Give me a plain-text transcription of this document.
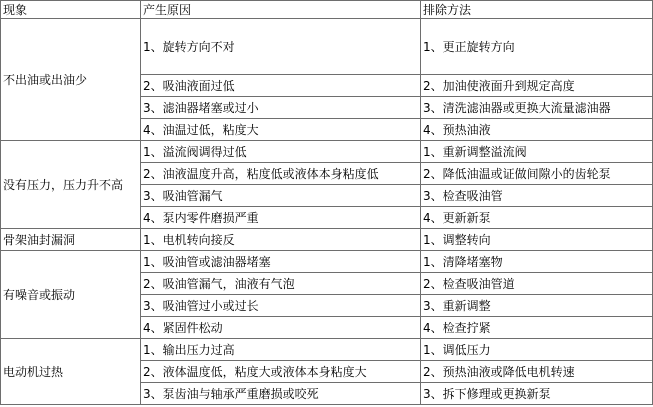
现象	产生原因	排除方法
不出油或出油少	1、旋转方向不对	1、更正旋转方向
	2、吸油液面过低	2、加油使液面升到规定高度
	3、滤油器堵塞或过小	3、清洗滤油器或更换大流量滤油器
	4、油温过低，粘度大	4、预热油液
没有压力，压力升不高	1、溢流阀调得过低	1、重新调整溢流阀
	2、油液温度升高，粘度低或液体本身粘度低	2、降低油温或证做间隙小的齿轮泵
	3、吸油管漏气	3、检查吸油管
	4、泵内零件磨损严重	4、更新新泵
骨架油封漏洞	1、电机转向接反	1、调整转向
有噪音或振动	1、吸油管或滤油器堵塞	1、清降堵塞物
	2、吸油管漏气，油液有气泡	2、检查吸油管道
	3、吸油管过小或过长	3、重新调整
	4、紧固件松动	4、检查拧紧
电动机过热	1、输出压力过高	1、调低压力
	2、液体温度低，粘度大或液体本身粘度大	2、预热油液或降低电机转速
	3、泵齿油与轴承严重磨损或咬死	3、拆下修理或更换新泵
